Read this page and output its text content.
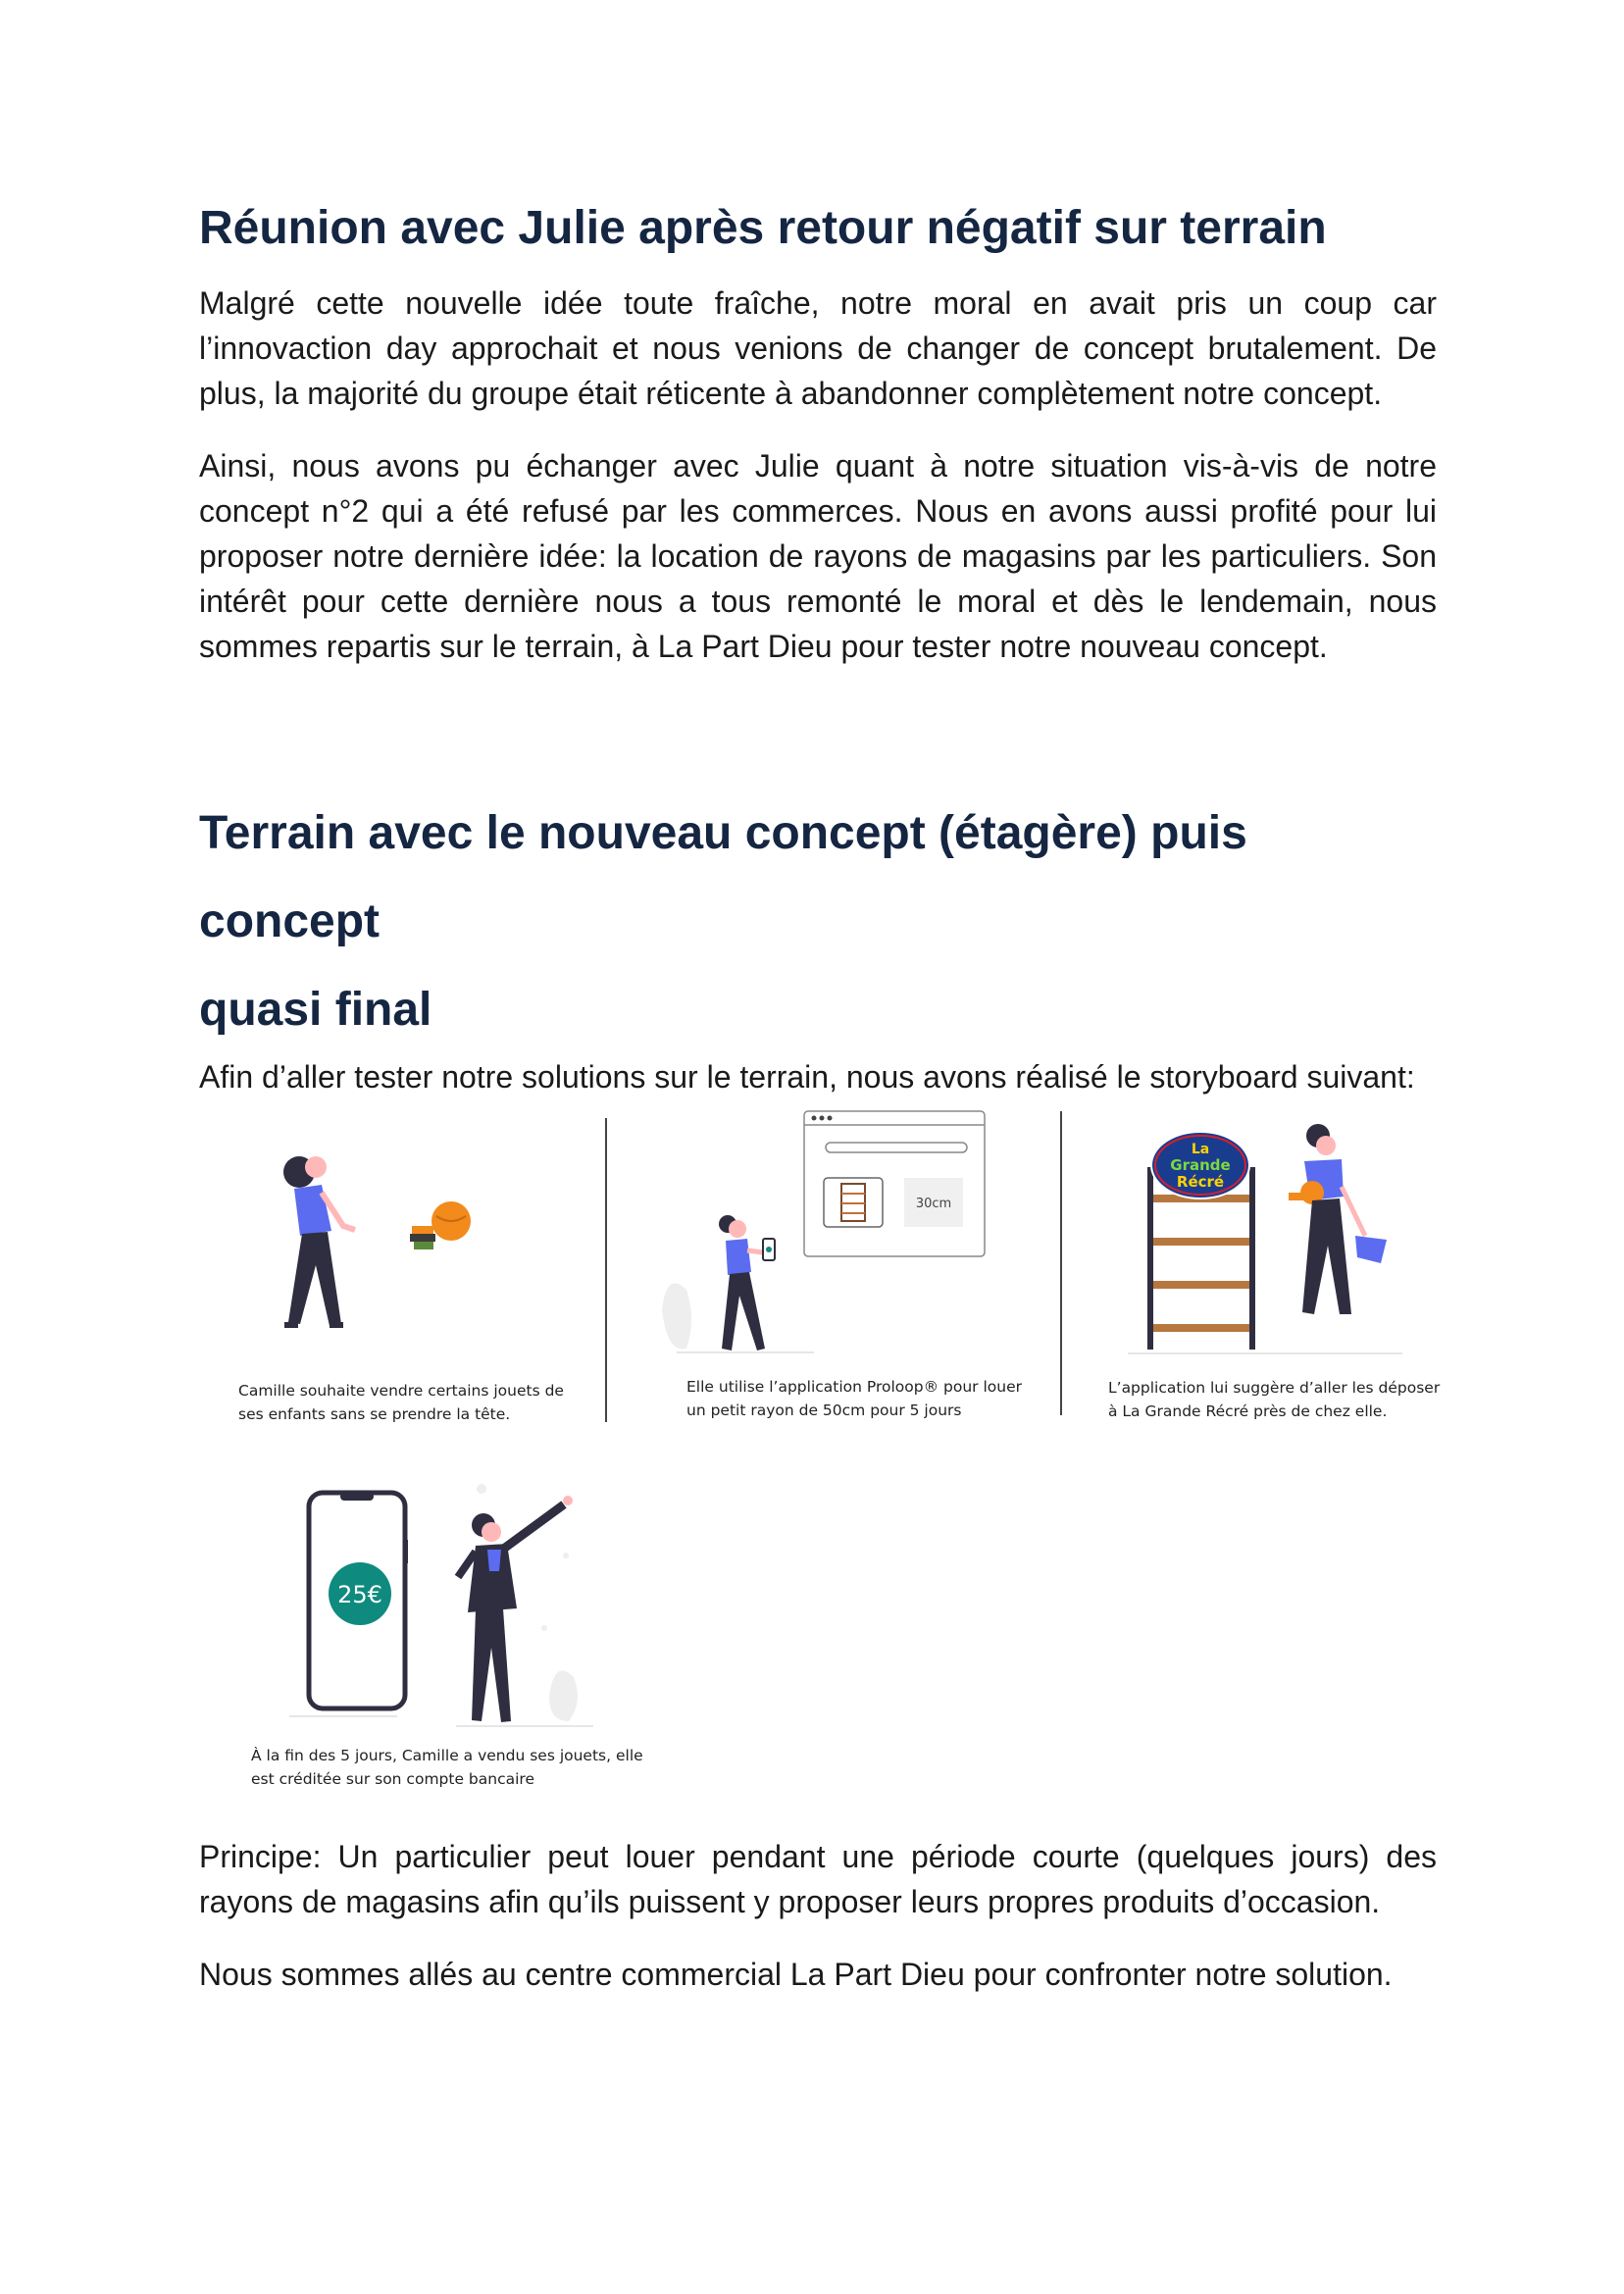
Réunion avec Julie après retour négatif sur terrain

Malgré cette nouvelle idée toute fraîche, notre moral en avait pris un coup car l’innovaction day approchait et nous venions de changer de concept brutalement. De plus, la majorité du groupe était réticente à abandonner complètement notre concept.

Ainsi, nous avons pu échanger avec Julie quant à notre situation vis-à-vis de notre concept n°2 qui a été refusé par les commerces. Nous en avons aussi profité pour lui proposer notre dernière idée: la location de rayons de magasins par les particuliers. Son intérêt pour cette dernière nous a tous remonté le moral et dès le lendemain, nous sommes repartis sur le terrain, à La Part Dieu pour tester notre nouveau concept.

Terrain avec le nouveau concept (étagère) puis concept
quasi final

Afin d’aller tester notre solutions sur le terrain, nous avons réalisé le storyboard suivant:

Camille souhaite vendre certains jouets de
ses enfants sans se prendre la tête.
30cm
Elle utilise l’application Proloop® pour louer
un petit rayon de 50cm pour 5 jours
La
Grande
Récré
L’application lui suggère d’aller les déposer
à La Grande Récré près de chez elle.
25€
À la fin des 5 jours, Camille a vendu ses jouets, elle
est créditée sur son compte bancaire

Principe: Un particulier peut louer pendant une période courte (quelques jours) des rayons de magasins afin qu’ils puissent y proposer leurs propres produits d’occasion.

Nous sommes allés au centre commercial La Part Dieu pour confronter notre solution.
